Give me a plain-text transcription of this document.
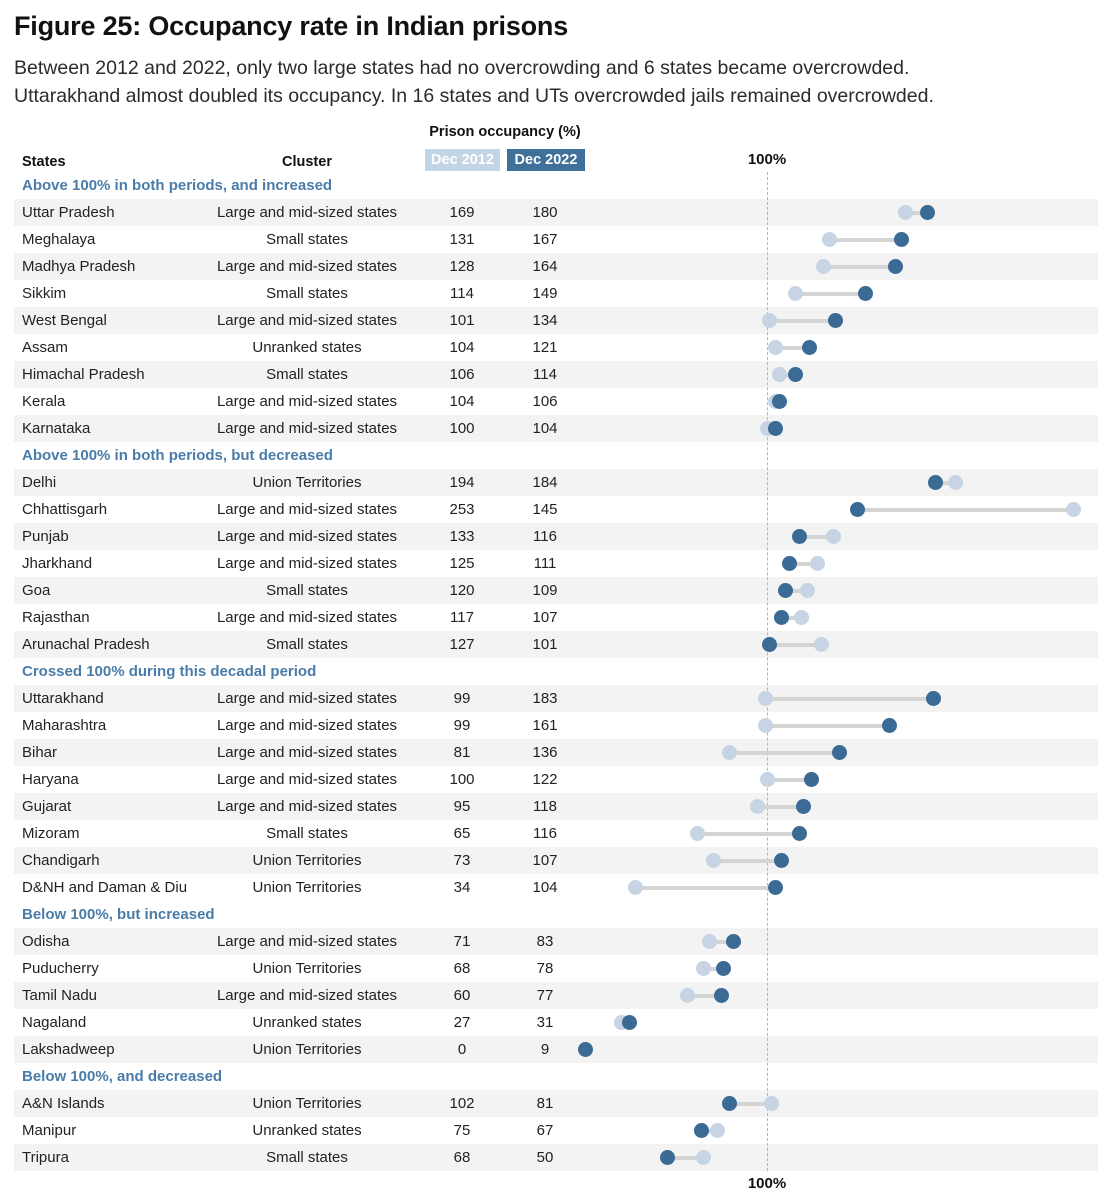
Figure 25: Occupancy rate in Indian prisons
Between 2012 and 2022, only two large states had no overcrowding and 6 states became overcrowded.
Uttarakhand almost doubled its occupancy. In 16 states and UTs overcrowded jails remained overcrowded.
Prison occupancy (%)
States	Cluster	Dec 2012	Dec 2022	100%
Above 100% in both periods, and increased
Uttar Pradesh	Large and mid-sized states	169	180
Meghalaya	Small states	131	167
Madhya Pradesh	Large and mid-sized states	128	164
Sikkim	Small states	114	149
West Bengal	Large and mid-sized states	101	134
Assam	Unranked states	104	121
Himachal Pradesh	Small states	106	114
Kerala	Large and mid-sized states	104	106
Karnataka	Large and mid-sized states	100	104
Above 100% in both periods, but decreased
Delhi	Union Territories	194	184
Chhattisgarh	Large and mid-sized states	253	145
Punjab	Large and mid-sized states	133	116
Jharkhand	Large and mid-sized states	125	111
Goa	Small states	120	109
Rajasthan	Large and mid-sized states	117	107
Arunachal Pradesh	Small states	127	101
Crossed 100% during this decadal period
Uttarakhand	Large and mid-sized states	99	183
Maharashtra	Large and mid-sized states	99	161
Bihar	Large and mid-sized states	81	136
Haryana	Large and mid-sized states	100	122
Gujarat	Large and mid-sized states	95	118
Mizoram	Small states	65	116
Chandigarh	Union Territories	73	107
D&NH and Daman & Diu	Union Territories	34	104
Below 100%, but increased
Odisha	Large and mid-sized states	71	83
Puducherry	Union Territories	68	78
Tamil Nadu	Large and mid-sized states	60	77
Nagaland	Unranked states	27	31
Lakshadweep	Union Territories	0	9
Below 100%, and decreased
A&N Islands	Union Territories	102	81
Manipur	Unranked states	75	67
Tripura	Small states	68	50
100%
